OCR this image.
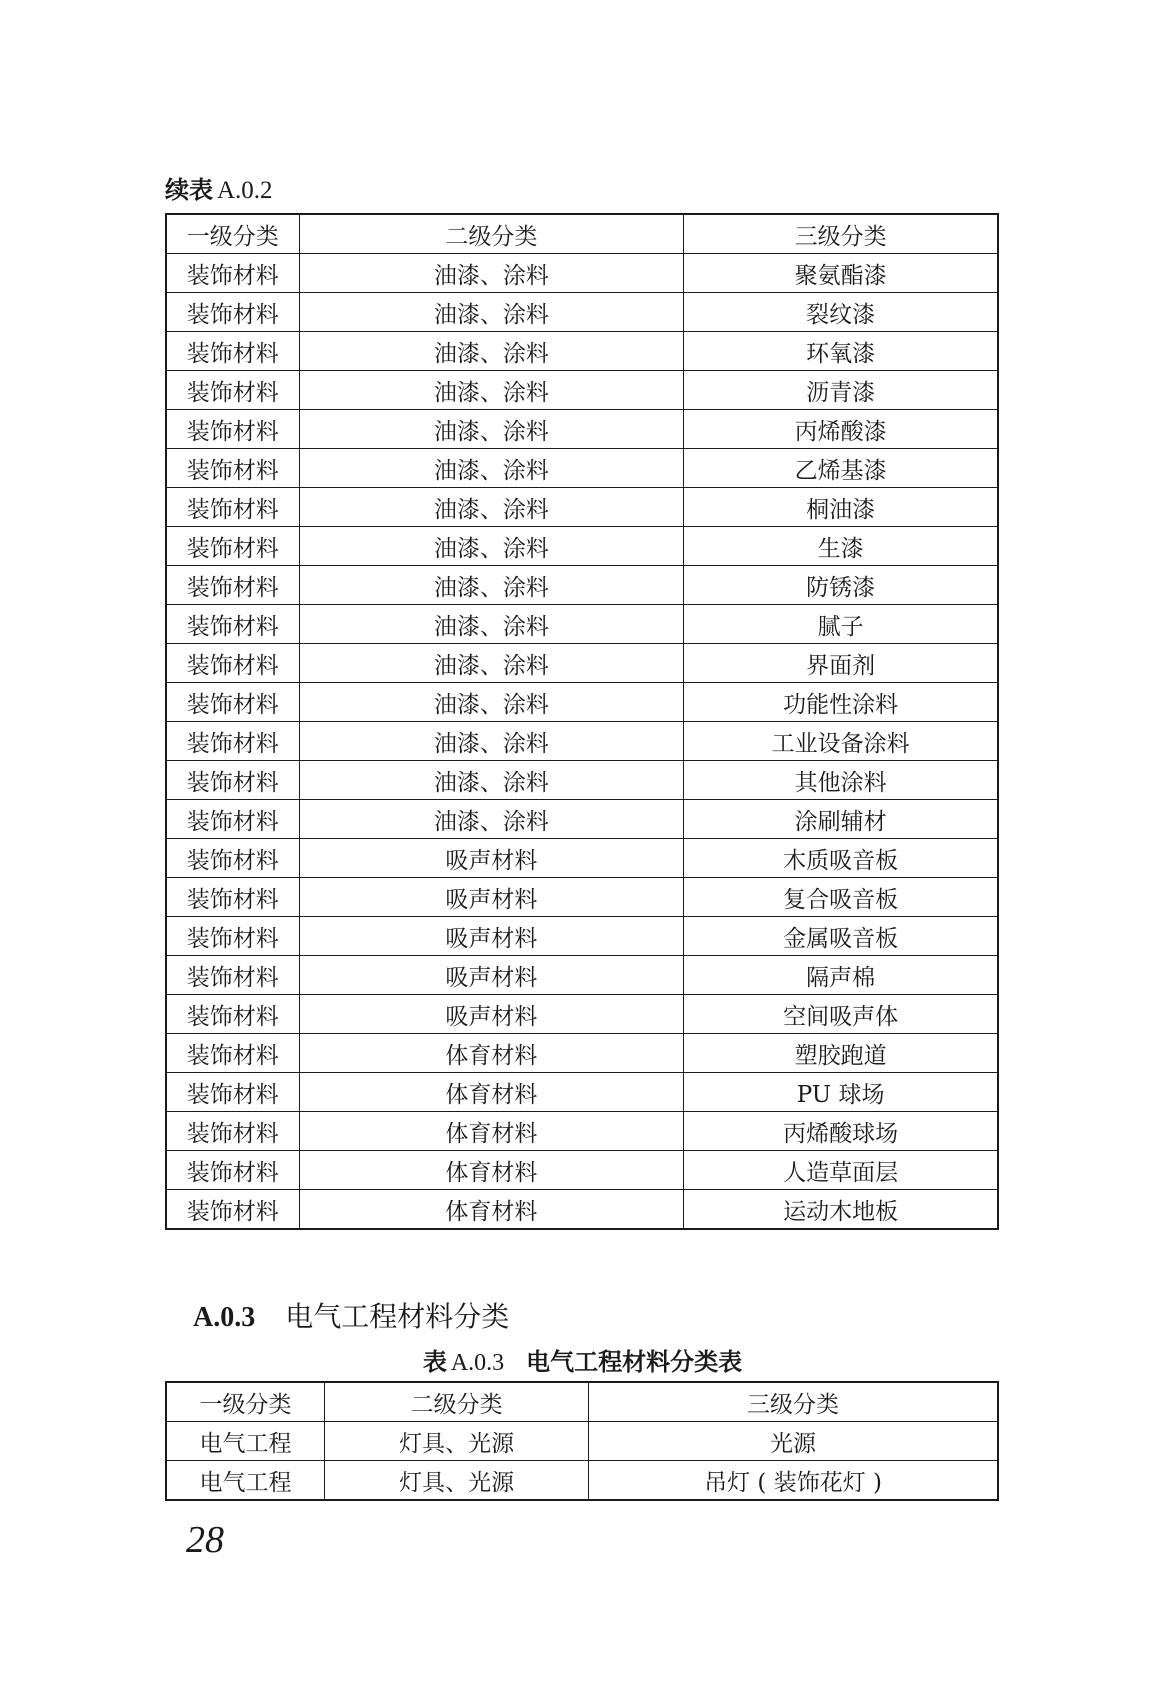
续表 A.0.2
一级分类	二级分类	三级分类
装饰材料	油漆、涂料	聚氨酯漆
装饰材料	油漆、涂料	裂纹漆
装饰材料	油漆、涂料	环氧漆
装饰材料	油漆、涂料	沥青漆
装饰材料	油漆、涂料	丙烯酸漆
装饰材料	油漆、涂料	乙烯基漆
装饰材料	油漆、涂料	桐油漆
装饰材料	油漆、涂料	生漆
装饰材料	油漆、涂料	防锈漆
装饰材料	油漆、涂料	腻子
装饰材料	油漆、涂料	界面剂
装饰材料	油漆、涂料	功能性涂料
装饰材料	油漆、涂料	工业设备涂料
装饰材料	油漆、涂料	其他涂料
装饰材料	油漆、涂料	涂刷辅材
装饰材料	吸声材料	木质吸音板
装饰材料	吸声材料	复合吸音板
装饰材料	吸声材料	金属吸音板
装饰材料	吸声材料	隔声棉
装饰材料	吸声材料	空间吸声体
装饰材料	体育材料	塑胶跑道
装饰材料	体育材料	PU 球场
装饰材料	体育材料	丙烯酸球场
装饰材料	体育材料	人造草面层
装饰材料	体育材料	运动木地板
A.0.3 电气工程材料分类
表 A.0.3 电气工程材料分类表
一级分类	二级分类	三级分类
电气工程	灯具、光源	光源
电气工程	灯具、光源	吊灯 ( 装饰花灯 )
28
